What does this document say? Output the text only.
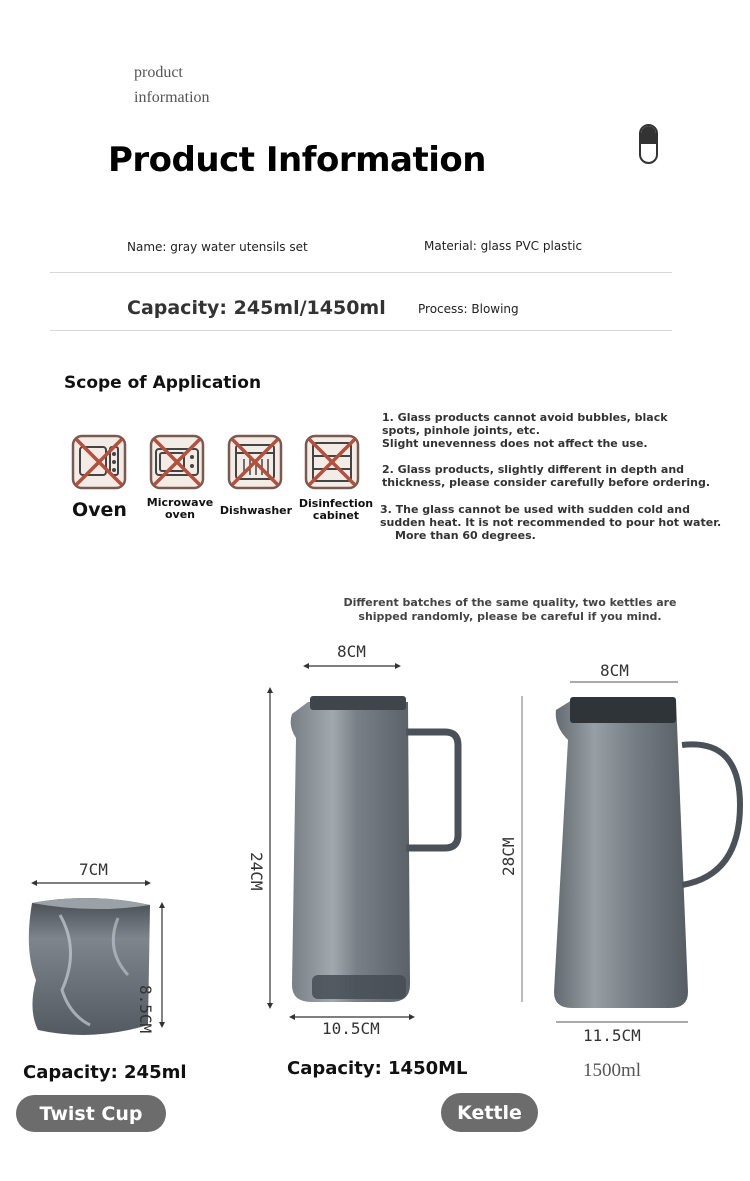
product
information
Product Information
Name: gray water utensils set	Material: glass PVC plastic
Capacity: 245ml/1450ml	Process: Blowing
Scope of Application
Oven Microwave
oven	Dishwasher
Disinfection
cabinet

1. Glass products cannot avoid bubbles, black

spots, pinhole joints, etc.

Slight unevenness does not affect the use.

2. Glass products, slightly different in depth and

thickness, please consider carefully before ordering.

3. The glass cannot be used with sudden cold and

sudden heat. It is not recommended to pour hot water.

More than 60 degrees.

Different batches of the same quality, two kettles are
shipped randomly, please be careful if you mind.
7CM
8.5CM
8CM
24CM
10.5CM
8CM
28CM
11.5CM
Capacity: 245ml	Capacity: 1450ML	1500ml
Twist Cup	Kettle
